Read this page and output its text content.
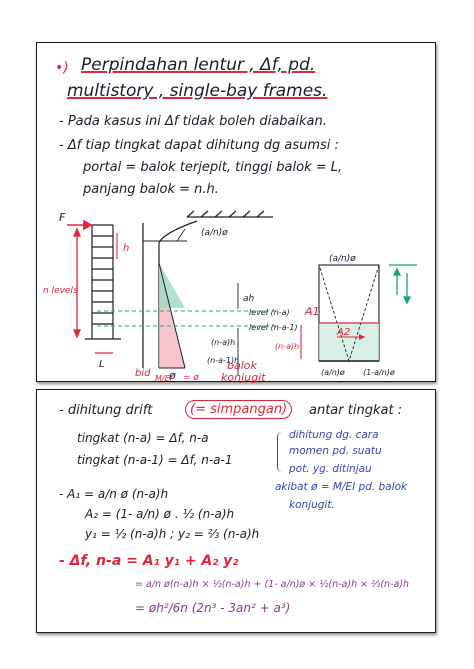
•) Perpindahan lentur , Δf, pd.
multistory , single-bay frames.
- Pada kasus ini Δf tidak boleh diabaikan.
- Δf tiap tingkat dapat dihitung dg asumsi :
portal = balok terjepit, tinggi balok = L,
panjang balok = n.h.
F
n levels
L
h
(a/n)ø
ah
level (n-a)
level (n-a-1)
(n-a)h
(n-a-1)h
ø
bid M/EI = ø
balok
konjugit
(a/n)ø
A1
A2
(n-a)h
(a/n)ø (1-a/n)ø
- dihitung drift	(= simpangan)	antar tingkat :
tingkat (n-a) = Δf, n-a
tingkat (n-a-1) = Δf, n-a-1
dihitung dg. cara
momen pd. suatu
pot. yg. ditinjau
akibat ø = M/EI pd. balok
konjugit.
- A₁ = a/n ø (n-a)h
A₂ = (1- a/n) ø . ½ (n-a)h
y₁ = ½ (n-a)h ; y₂ = ⅔ (n-a)h
- Δf, n-a = A₁ y₁ + A₂ y₂
= a/n ø(n-a)h × ½(n-a)h + (1- a/n)ø × ½(n-a)h × ⅔(n-a)h
= øh²/6n (2n³ - 3an² + a³)
